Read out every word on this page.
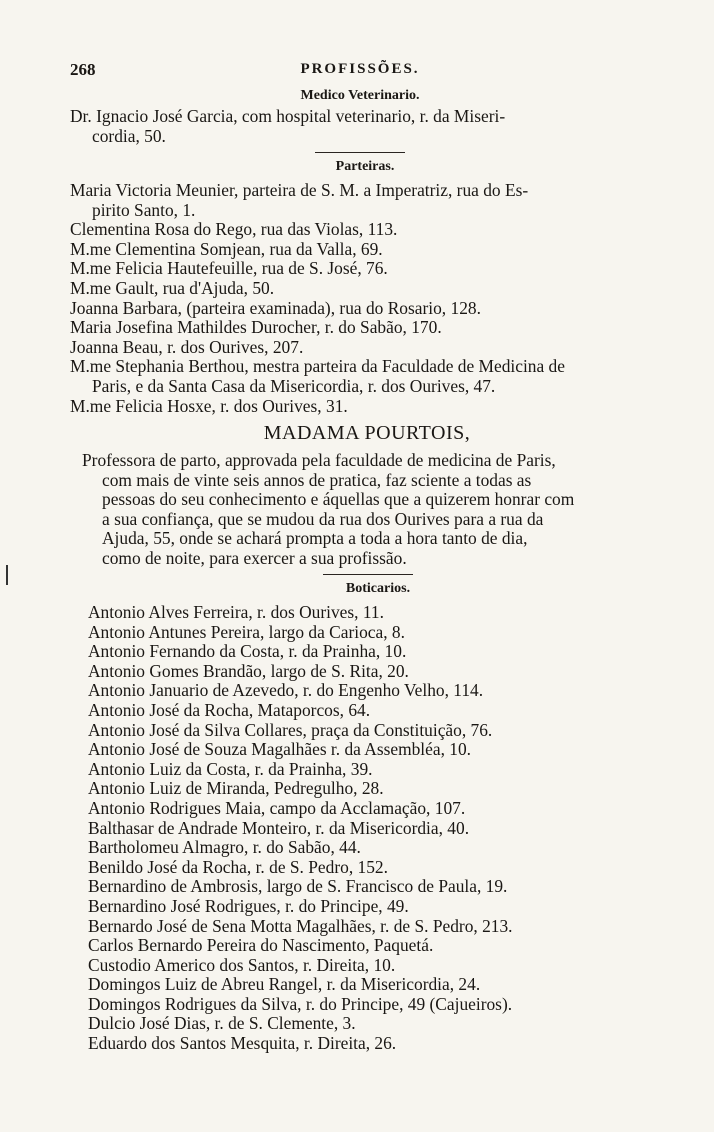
268	PROFISSÕES.

Medico Veterinario.

Dr. Ignacio José Garcia, com hospital veterinario, r. da Miseri-

cordia, 50.

Parteiras.

Maria Victoria Meunier, parteira de S. M. a Imperatriz, rua do Es-

pirito Santo, 1.

Clementina Rosa do Rego, rua das Violas, 113.

M.me Clementina Somjean, rua da Valla, 69.

M.me Felicia Hautefeuille, rua de S. José, 76.

M.me Gault, rua d'Ajuda, 50.

Joanna Barbara, (parteira examinada), rua do Rosario, 128.

Maria Josefina Mathildes Durocher, r. do Sabão, 170.

Joanna Beau, r. dos Ourives, 207.

M.me Stephania Berthou, mestra parteira da Faculdade de Medicina de

Paris, e da Santa Casa da Misericordia, r. dos Ourives, 47.

M.me Felicia Hosxe, r. dos Ourives, 31.

MADAMA POURTOIS,

Professora de parto, approvada pela faculdade de medicina de Paris,

com mais de vinte seis annos de pratica, faz sciente a todas as

pessoas do seu conhecimento e áquellas que a quizerem honrar com

a sua confiança, que se mudou da rua dos Ourives para a rua da

Ajuda, 55, onde se achará prompta a toda a hora tanto de dia,

como de noite, para exercer a sua profissão.

Boticarios.

Antonio Alves Ferreira, r. dos Ourives, 11.

Antonio Antunes Pereira, largo da Carioca, 8.

Antonio Fernando da Costa, r. da Prainha, 10.

Antonio Gomes Brandão, largo de S. Rita, 20.

Antonio Januario de Azevedo, r. do Engenho Velho, 114.

Antonio José da Rocha, Mataporcos, 64.

Antonio José da Silva Collares, praça da Constituição, 76.

Antonio José de Souza Magalhães r. da Assembléa, 10.

Antonio Luiz da Costa, r. da Prainha, 39.

Antonio Luiz de Miranda, Pedregulho, 28.

Antonio Rodrigues Maia, campo da Acclamação, 107.

Balthasar de Andrade Monteiro, r. da Misericordia, 40.

Bartholomeu Almagro, r. do Sabão, 44.

Benildo José da Rocha, r. de S. Pedro, 152.

Bernardino de Ambrosis, largo de S. Francisco de Paula, 19.

Bernardino José Rodrigues, r. do Principe, 49.

Bernardo José de Sena Motta Magalhães, r. de S. Pedro, 213.

Carlos Bernardo Pereira do Nascimento, Paquetá.

Custodio Americo dos Santos, r. Direita, 10.

Domingos Luiz de Abreu Rangel, r. da Misericordia, 24.

Domingos Rodrigues da Silva, r. do Principe, 49 (Cajueiros).

Dulcio José Dias, r. de S. Clemente, 3.

Eduardo dos Santos Mesquita, r. Direita, 26.
